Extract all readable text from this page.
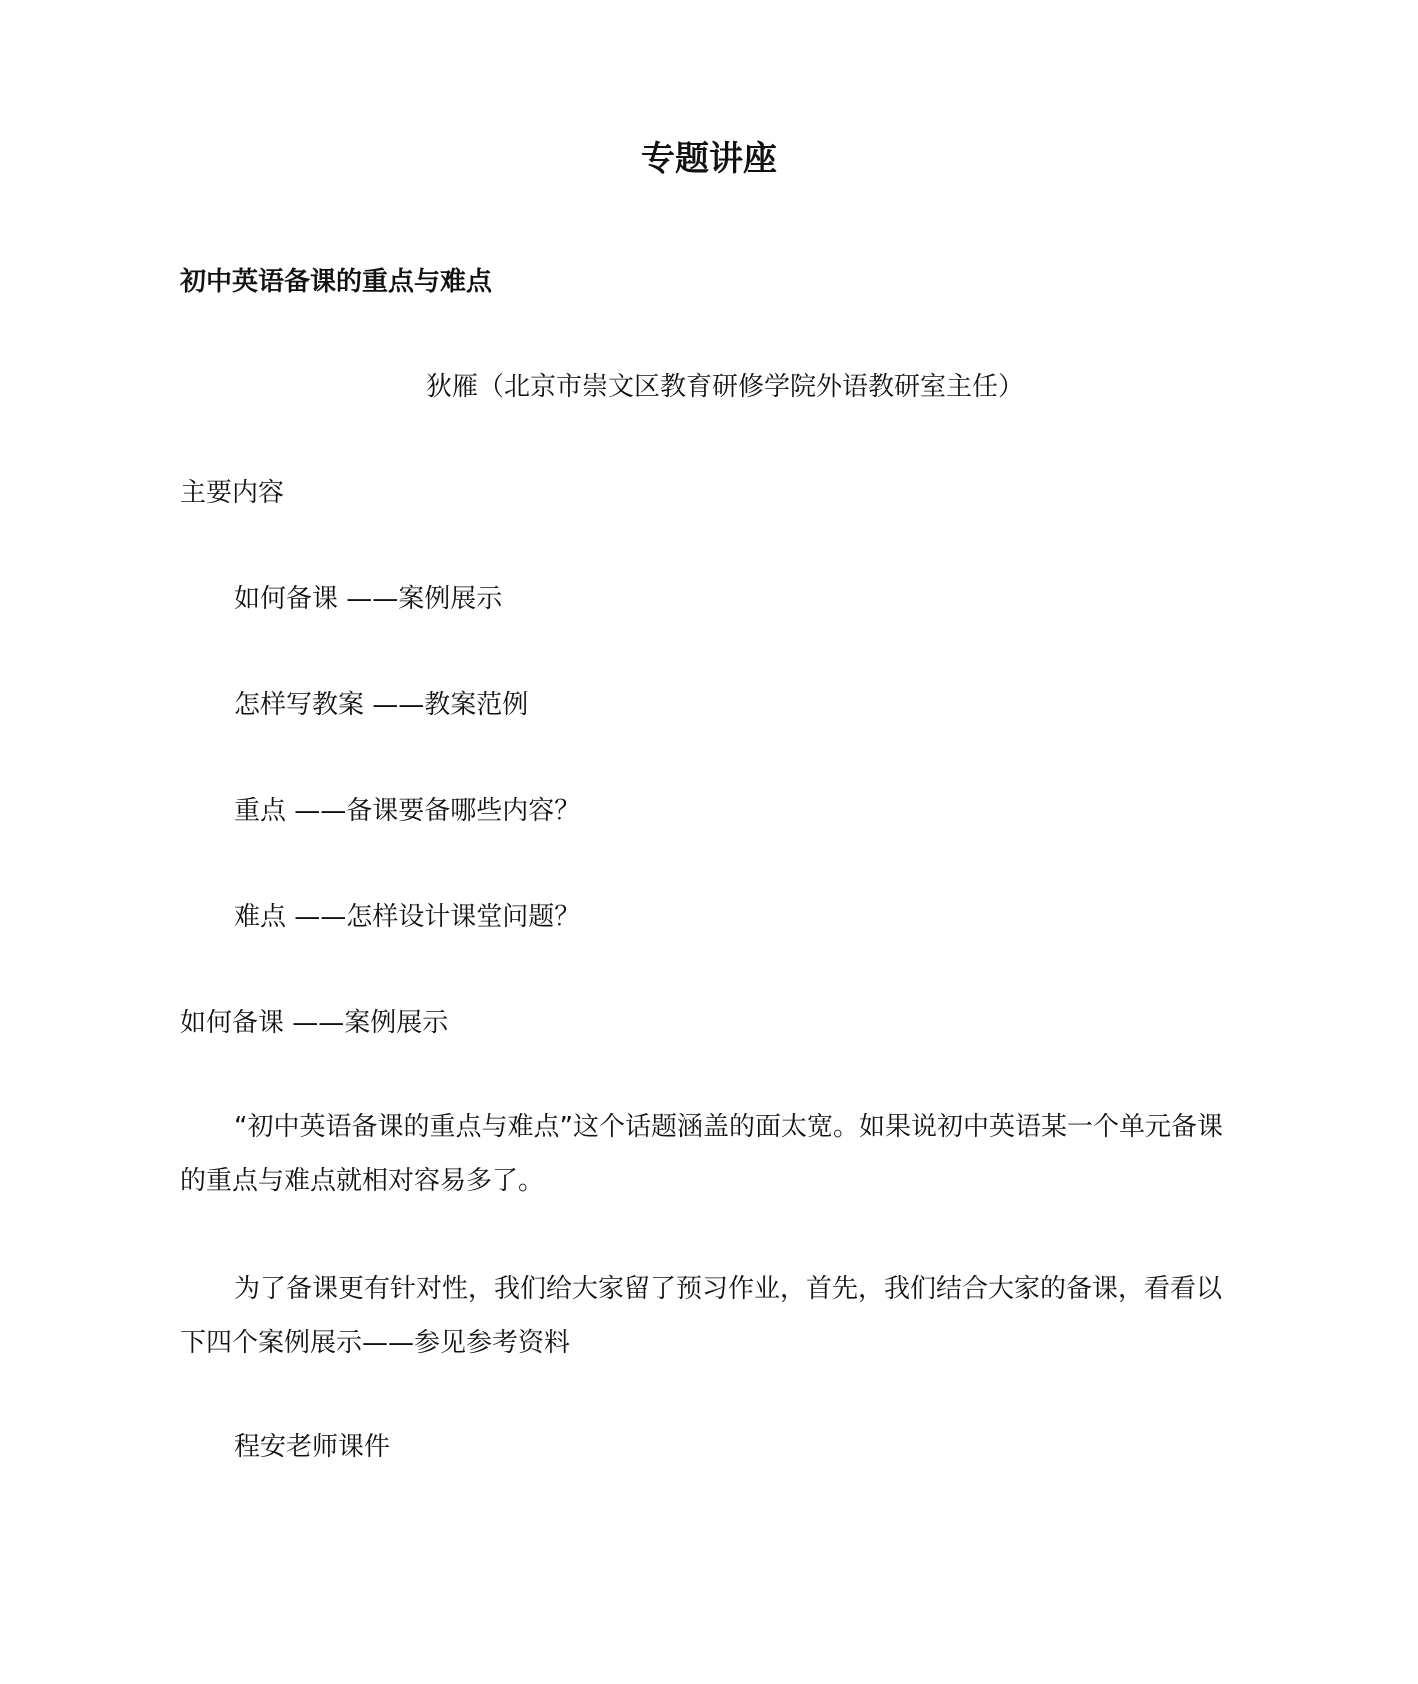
专题讲座
初中英语备课的重点与难点
狄雁（北京市崇文区教育研修学院外语教研室主任）
主要内容
如何备课 ——案例展示
怎样写教案 ——教案范例
重点 ——备课要备哪些内容？
难点 ——怎样设计课堂问题？
如何备课 ——案例展示
“初中英语备课的重点与难点”这个话题涵盖的面太宽。如果说初中英语某一个单元备课的重点与难点就相对容易多了。
为了备课更有针对性，我们给大家留了预习作业，首先，我们结合大家的备课，看看以下四个案例展示——参见参考资料
程安老师课件
